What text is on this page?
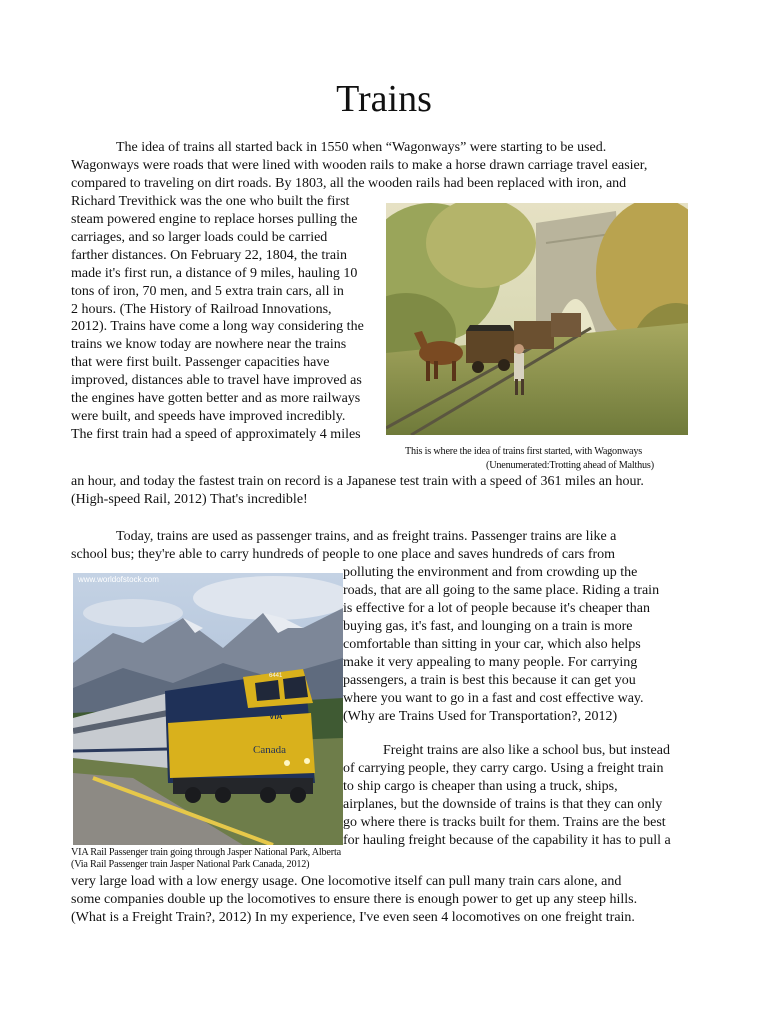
Trains
The idea of trains all started back in 1550 when “Wagonways” were starting to be used.
Wagonways were roads that were lined with wooden rails to make a horse drawn carriage travel easier,
compared to traveling on dirt roads. By 1803, all the wooden rails had been replaced with iron, and
Richard Trevithick was the one who built the first
steam powered engine to replace horses pulling the
carriages, and so larger loads could be carried
farther distances. On February 22, 1804, the train
made it's first run, a distance of 9 miles, hauling 10
tons of iron, 70 men, and 5 extra train cars, all in
2 hours. (The History of Railroad Innovations,
2012). Trains have come a long way considering the
trains we know today are nowhere near the trains
that were first built. Passenger capacities have
improved, distances able to travel have improved as
the engines have gotten better and as more railways
were built, and speeds have improved incredibly.
The first train had a speed of approximately 4 miles
This is where the idea of trains first started, with Wagonways
(Unenumerated:Trotting ahead of Malthus)
an hour, and today the fastest train on record is a Japanese test train with a speed of 361 miles an hour.
(High-speed Rail, 2012) That's incredible!
Today, trains are used as passenger trains, and as freight trains. Passenger trains are like a
school bus; they're able to carry hundreds of people to one place and saves hundreds of cars from
polluting the environment and from crowding up the
roads, that are all going to the same place. Riding a train
is effective for a lot of people because it's cheaper than
buying gas, it's fast, and lounging on a train is more
comfortable than sitting in your car, which also helps
make it very appealing to many people. For carrying
passengers, a train is best this because it can get you
where you want to go in a fast and cost effective way.
(Why are Trains Used for Transportation?, 2012)
www.worldofstock.com
6441
VIA
Canada	Freight trains are also like a school bus, but instead
of carrying people, they carry cargo. Using a freight train
to ship cargo is cheaper than using a truck, ships,
airplanes, but the downside of trains is that they can only
go where there is tracks built for them. Trains are the best
for hauling freight because of the capability it has to pull a
VIA Rail Passenger train going through Jasper National Park, Alberta
(Via Rail Passenger train Jasper National Park Canada, 2012)
very large load with a low energy usage. One locomotive itself can pull many train cars alone, and
some companies double up the locomotives to ensure there is enough power to get up any steep hills.
(What is a Freight Train?, 2012) In my experience, I've even seen 4 locomotives on one freight train.
